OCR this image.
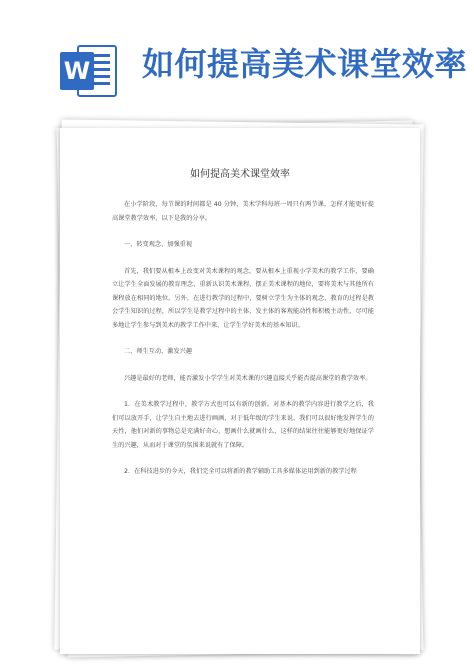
W 如何提高美术课堂效率
如何提高美术课堂效率

在小学阶段，每节课的时间都是 40 分钟，美术学科每班一周只有两节课，怎样才能更好提高课堂教学效率，以下是我的分享。

一、转变观念，加强重视

首先，我们要从根本上改变对美术课程的观念，要从根本上重视小学美术的教学工作，要确立让学生全面发展的教育理念，重新认识美术课程，摆正美术课程的地位，要将美术与其他所有课程放在相同的地位。另外，在进行教学的过程中，要树立学生为主体的观念，教育的过程是教会学生知识的过程，所以学生是教学过程中的主体，发主体的客观能动性和积极主动性，尽可能多地让学生参与到美术的教学工作中来，让学生学好美术的基本知识。

二、师生互动，激发兴趣

兴趣是最好的老师，能否激发小学学生对美术课的兴趣直接关乎能否提高课堂的教学效率。

1．在美术教学过程中，教学方式也可以有新的创新。对基本的教学内容进行教学之后，我们可以放开手，让学生自主地去进行画画，对于低年级的学生来说，我们可以很好地发挥学生的天性，他们对新的事物总是充满好奇心，想画什么就画什么，这样的结果往往能够更好地保证学生的兴趣，从而对于课堂的氛围来说就有了保障。

2．在科技进步的今天，我们完全可以将新的教学辅助工具多媒体运用到新的教学过程
